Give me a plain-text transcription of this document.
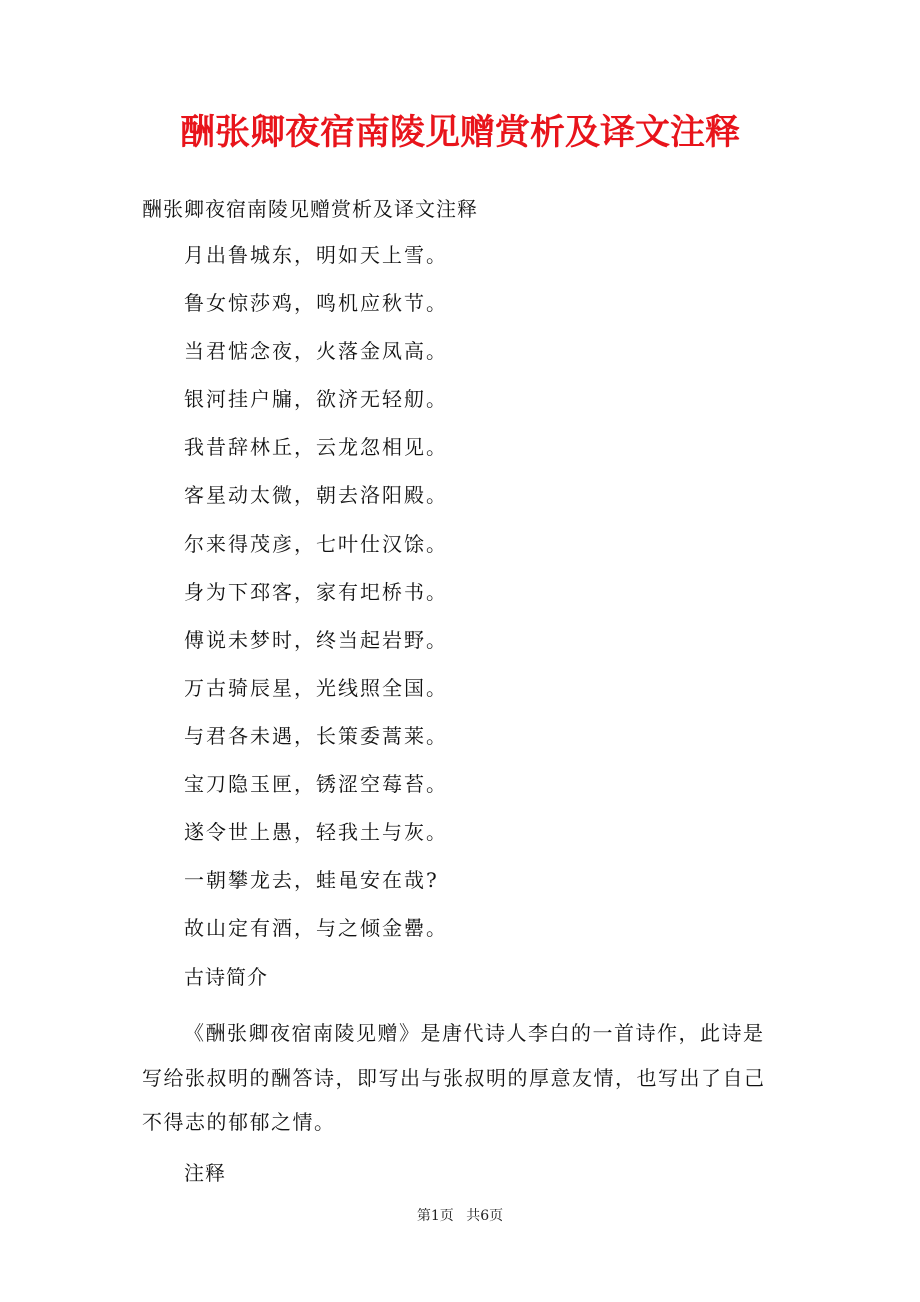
酬张卿夜宿南陵见赠赏析及译文注释
酬张卿夜宿南陵见赠赏析及译文注释
月出鲁城东，明如天上雪。
鲁女惊莎鸡，鸣机应秋节。
当君惦念夜，火落金凤高。
银河挂户牖，欲济无轻舠。
我昔辞林丘，云龙忽相见。
客星动太微，朝去洛阳殿。
尔来得茂彦，七叶仕汉馀。
身为下邳客，家有圯桥书。
傅说未梦时，终当起岩野。
万古骑辰星，光线照全国。
与君各未遇，长策委蒿莱。
宝刀隐玉匣，锈涩空莓苔。
遂令世上愚，轻我土与灰。
一朝攀龙去，蛙黾安在哉?
故山定有酒，与之倾金罍。
古诗简介

《酬张卿夜宿南陵见赠》是唐代诗人李白的一首诗作，此诗是写给张叔明的酬答诗，即写出与张叔明的厚意友情，也写出了自己不得志的郁郁之情。

注释
第1页 共6页
